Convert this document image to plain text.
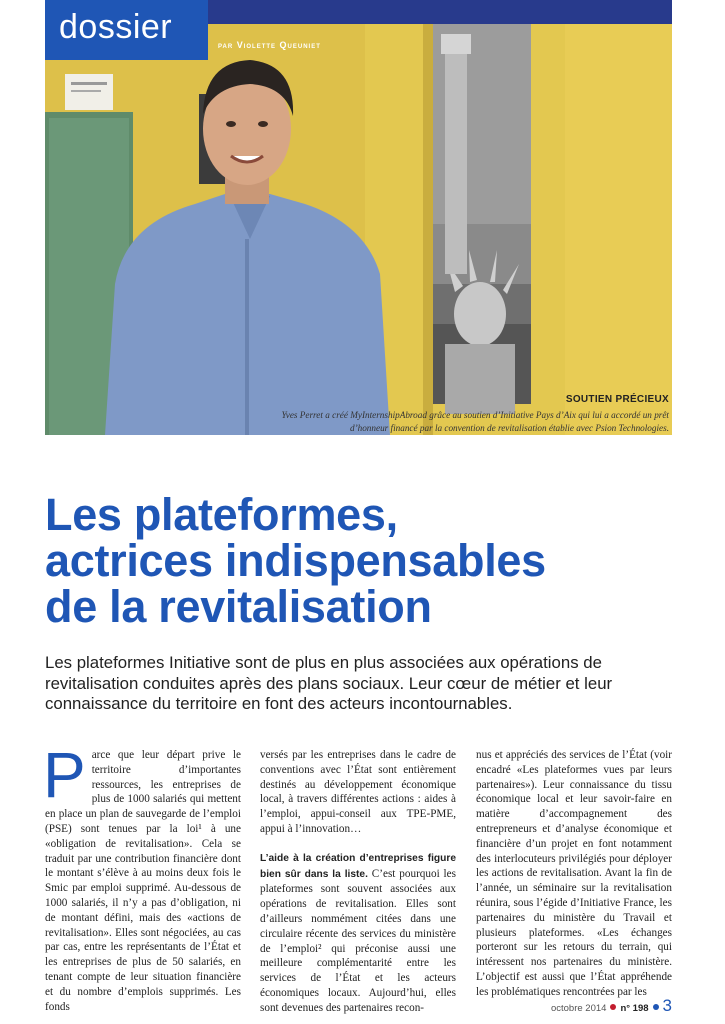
dossier	par Violette Queuniet
SOUTIEN PRÉCIEUX
Yves Perret a créé MyInternshipAbroad grâce au soutien d’Initiative Pays d’Aix qui lui a accordé un prêt d’honneur financé par la convention de revitalisation établie avec Psion Technologies.
Les plateformes,
actrices indispensables
de la revitalisation

Les plateformes Initiative sont de plus en plus associées aux opérations de revitalisation conduites après des plans sociaux. Leur cœur de métier et leur connaissance du territoire en font des acteurs incontournables.

Parce que leur départ prive le territoire d’importantes ressources, les entreprises de plus de 1000 salariés qui mettent en place un plan de sauvegarde de l’emploi (PSE) sont tenues par la loi¹ à une «obligation de revitalisation». Cela se traduit par une contribution financière dont le montant s’élève à au moins deux fois le Smic par emploi supprimé. Au-dessous de 1000 salariés, il n’y a pas d’obligation, ni de montant défini, mais des «actions de revitalisation». Elles sont négociées, au cas par cas, entre les représentants de l’État et les entreprises de plus de 50 salariés, en tenant compte de leur situation financière et du nombre d’emplois supprimés. Les fonds
versés par les entreprises dans le cadre de conventions avec l’État sont entièrement destinés au développement économique local, à travers différentes actions : aides à l’emploi, appui-conseil aux TPE-PME, appui à l’innovation…
L’aide à la création d’entreprises figure bien sûr dans la liste. C’est pourquoi les plateformes sont souvent associées aux opérations de revitalisation. Elles sont d’ailleurs nommément citées dans une circulaire récente des services du ministère de l’emploi² qui préconise aussi une meilleure complémentarité entre les services de l’État et les acteurs économiques locaux. Aujourd’hui, elles sont devenues des partenaires recon-
nus et appréciés des services de l’État (voir encadré «Les plateformes vues par leurs partenaires»). Leur connaissance du tissu économique local et leur savoir-faire en matière d’accompagnement des entrepreneurs et d’analyse économique et financière d’un projet en font notamment des interlocuteurs privilégiés pour déployer les actions de revitalisation. Avant la fin de l’année, un séminaire sur la revitalisation réunira, sous l’égide d’Initiative France, les partenaires du ministère du Travail et plusieurs plateformes. «Les échanges porteront sur les retours du terrain, qui intéressent nos partenaires du ministère. L’objectif est aussi que l’État appréhende les problématiques rencontrées par les
octobre 2014 n° 198 3
